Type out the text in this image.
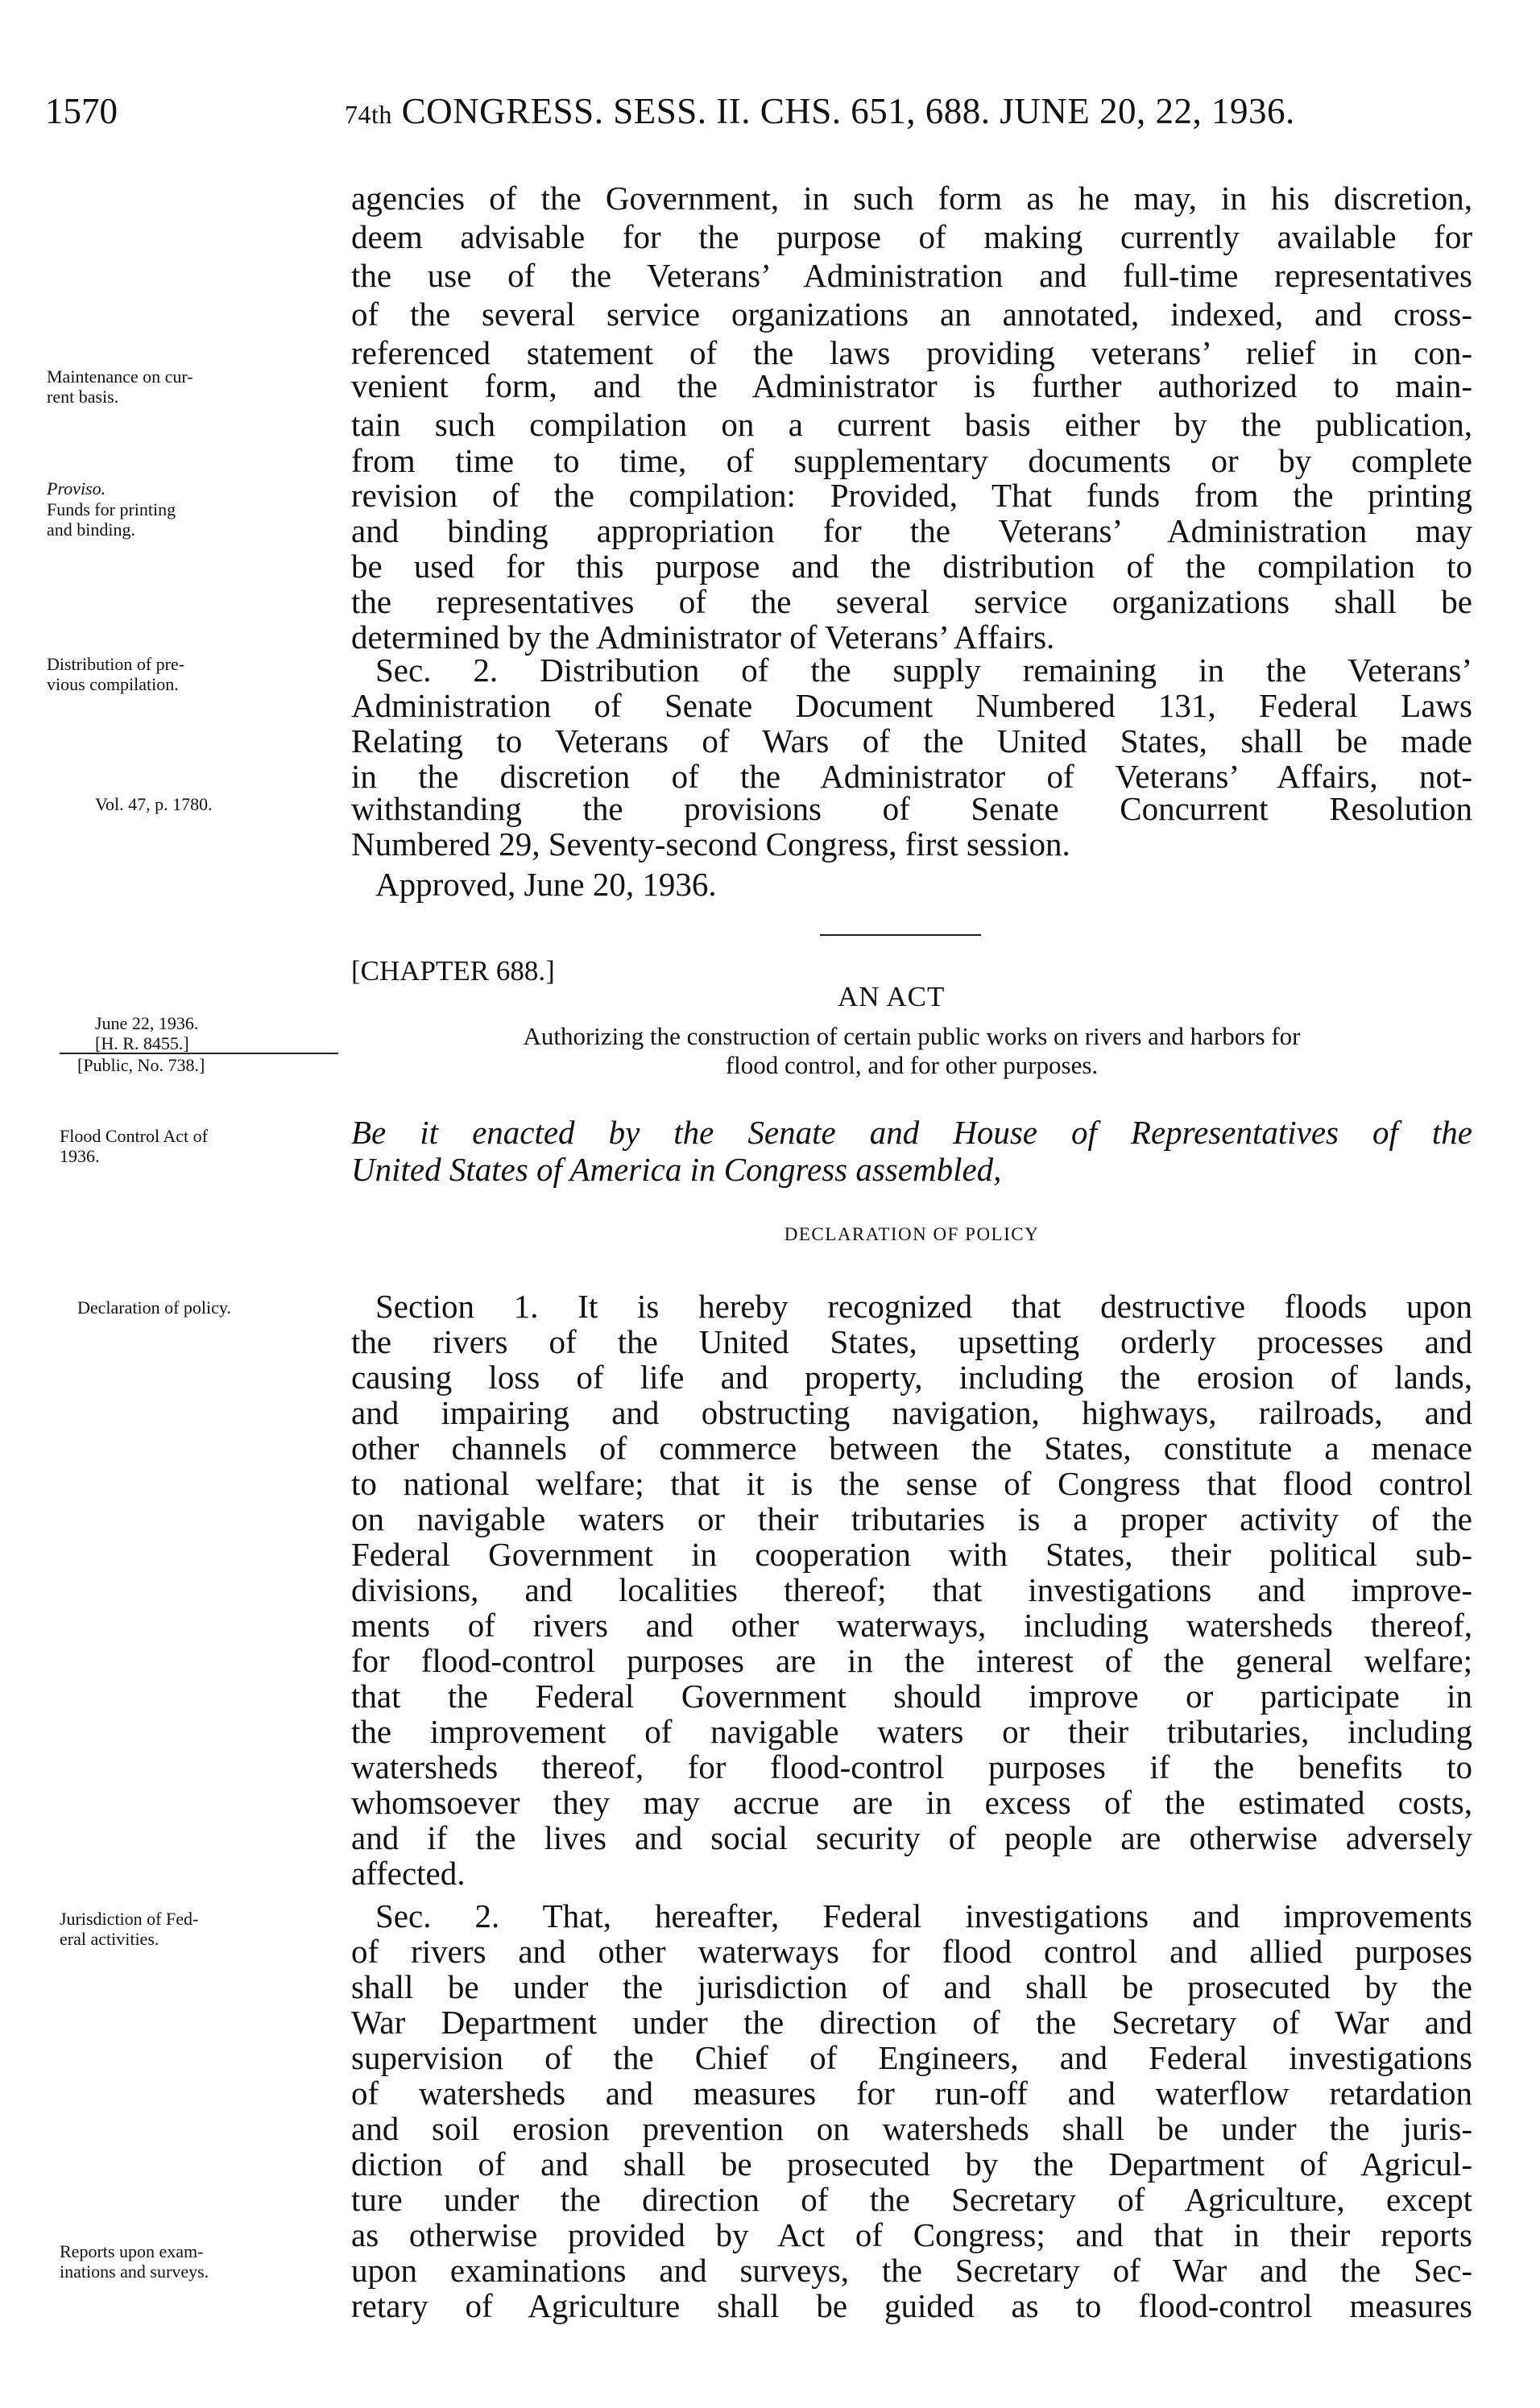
1570	74th CONGRESS. SESS. II. CHS. 651, 688. JUNE 20, 22, 1936.
Maintenance on cur-
rent basis.
Proviso.
Funds for printing
and binding.
Distribution of pre-
vious compilation.
Vol. 47, p. 1780.
June 22, 1936.
[H. R. 8455.]
[Public, No. 738.]
Flood Control Act of
1936.
Declaration of policy.
Jurisdiction of Fed-
eral activities.
Reports upon exam-
inations and surveys.
agencies of the Government, in such form as he may, in his discretion,
deem advisable for the purpose of making currently available for
the use of the Veterans’ Administration and full-time representatives
of the several service organizations an annotated, indexed, and cross-
referenced statement of the laws providing veterans’ relief in con-
venient form, and the Administrator is further authorized to main-
tain such compilation on a current basis either by the publication,
from time to time, of supplementary documents or by complete
revision of the compilation: Provided, That funds from the printing
and binding appropriation for the Veterans’ Administration may
be used for this purpose and the distribution of the compilation to
the representatives of the several service organizations shall be
determined by the Administrator of Veterans’ Affairs.
Sec. 2. Distribution of the supply remaining in the Veterans’
Administration of Senate Document Numbered 131, Federal Laws
Relating to Veterans of Wars of the United States, shall be made
in the discretion of the Administrator of Veterans’ Affairs, not-
withstanding the provisions of Senate Concurrent Resolution
Numbered 29, Seventy-second Congress, first session.
Approved, June 20, 1936.
[CHAPTER 688.]
AN ACT
Authorizing the construction of certain public works on rivers and harbors for
flood control, and for other purposes.
Be it enacted by the Senate and House of Representatives of the
United States of America in Congress assembled,
DECLARATION OF POLICY
Section 1. It is hereby recognized that destructive floods upon
the rivers of the United States, upsetting orderly processes and
causing loss of life and property, including the erosion of lands,
and impairing and obstructing navigation, highways, railroads, and
other channels of commerce between the States, constitute a menace
to national welfare; that it is the sense of Congress that flood control
on navigable waters or their tributaries is a proper activity of the
Federal Government in cooperation with States, their political sub-
divisions, and localities thereof; that investigations and improve-
ments of rivers and other waterways, including watersheds thereof,
for flood-control purposes are in the interest of the general welfare;
that the Federal Government should improve or participate in
the improvement of navigable waters or their tributaries, including
watersheds thereof, for flood-control purposes if the benefits to
whomsoever they may accrue are in excess of the estimated costs,
and if the lives and social security of people are otherwise adversely
affected.
Sec. 2. That, hereafter, Federal investigations and improvements
of rivers and other waterways for flood control and allied purposes
shall be under the jurisdiction of and shall be prosecuted by the
War Department under the direction of the Secretary of War and
supervision of the Chief of Engineers, and Federal investigations
of watersheds and measures for run-off and waterflow retardation
and soil erosion prevention on watersheds shall be under the juris-
diction of and shall be prosecuted by the Department of Agricul-
ture under the direction of the Secretary of Agriculture, except
as otherwise provided by Act of Congress; and that in their reports
upon examinations and surveys, the Secretary of War and the Sec-
retary of Agriculture shall be guided as to flood-control measures
